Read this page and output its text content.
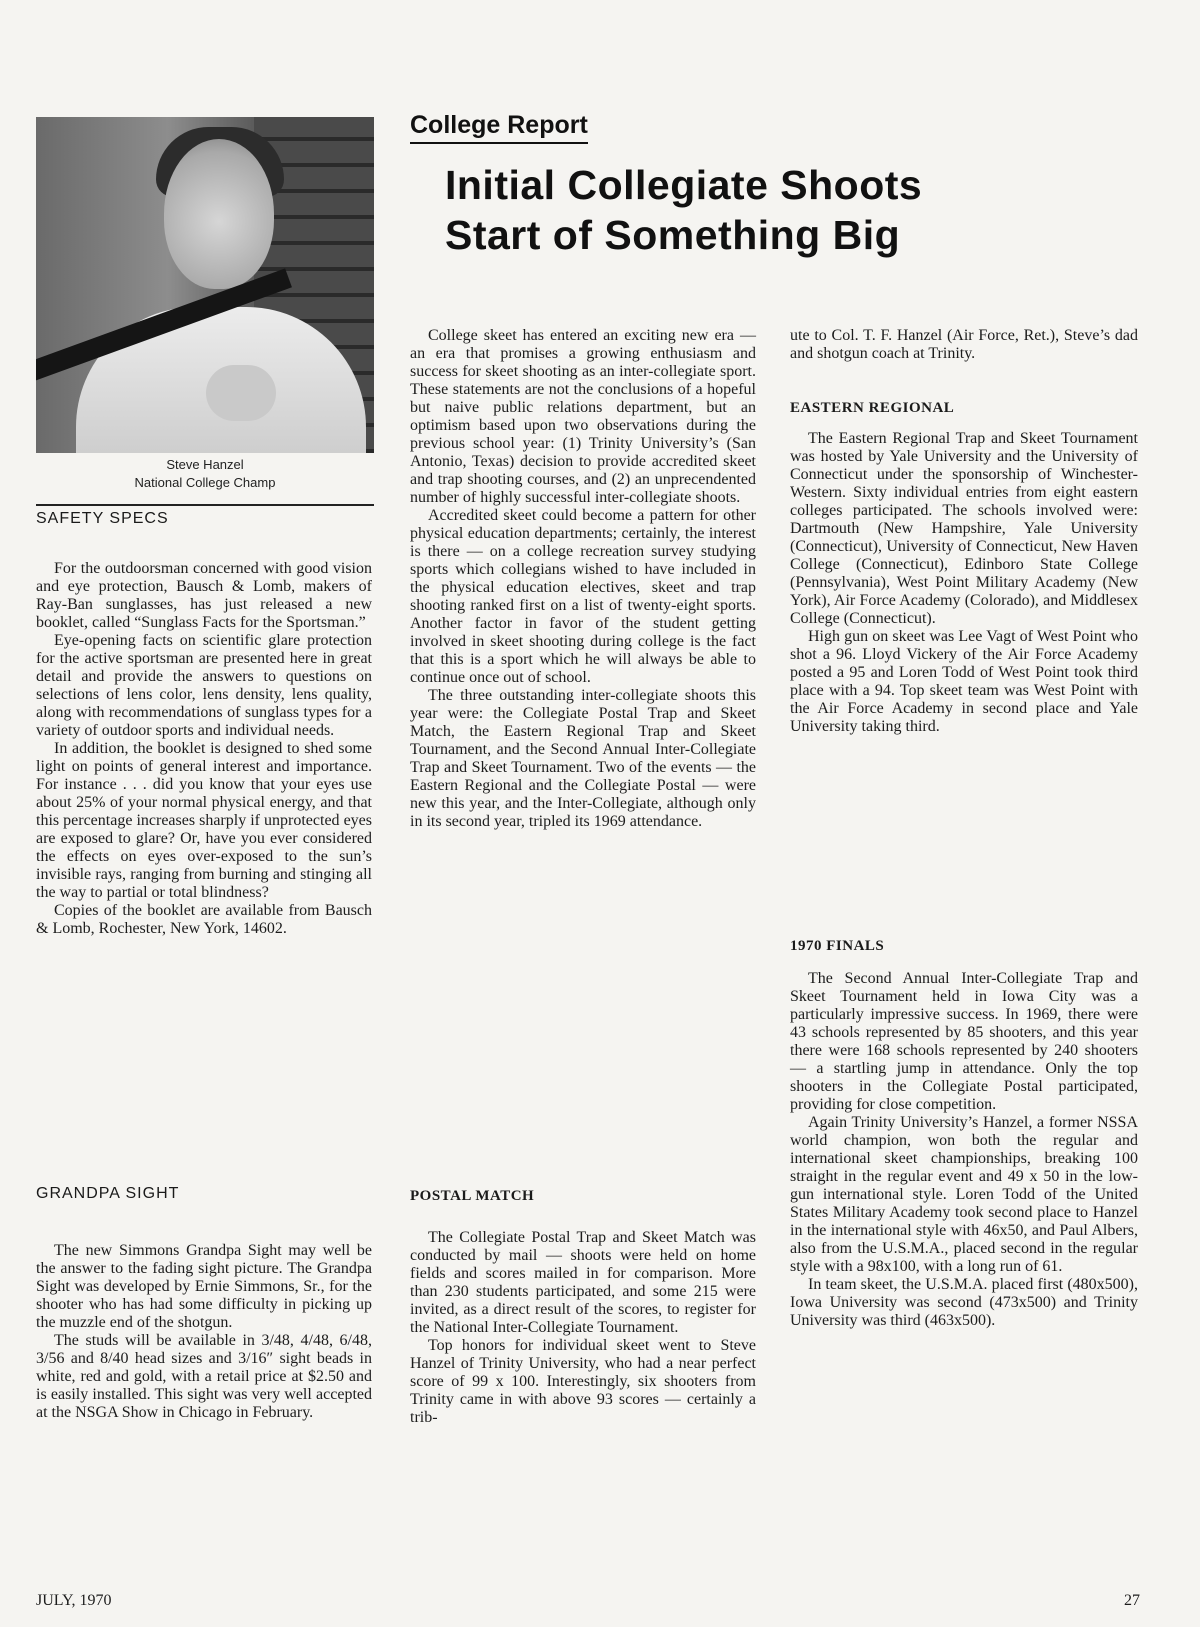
Steve Hanzel
National College Champ
College Report
Initial Collegiate Shoots
Start of Something Big
SAFETY SPECS

For the outdoorsman concerned with good vision and eye protection, Bausch & Lomb, makers of Ray-Ban sunglasses, has just released a new booklet, called “Sunglass Facts for the Sportsman.”

Eye-opening facts on scientific glare protection for the active sportsman are presented here in great detail and provide the answers to questions on selections of lens color, lens density, lens quality, along with recommendations of sunglass types for a variety of outdoor sports and individual needs.

In addition, the booklet is designed to shed some light on points of general interest and importance. For instance . . . did you know that your eyes use about 25% of your normal physical energy, and that this percentage increases sharply if unprotected eyes are exposed to glare? Or, have you ever considered the effects on eyes over-exposed to the sun’s invisible rays, ranging from burning and stinging all the way to partial or total blindness?

Copies of the booklet are available from Bausch & Lomb, Rochester, New York, 14602.

GRANDPA SIGHT

The new Simmons Grandpa Sight may well be the answer to the fading sight picture. The Grandpa Sight was developed by Ernie Simmons, Sr., for the shooter who has had some difficulty in picking up the muzzle end of the shotgun.

The studs will be available in 3/48, 4/48, 6/48, 3/56 and 8/40 head sizes and 3/16″ sight beads in white, red and gold, with a retail price at $2.50 and is easily installed. This sight was very well accepted at the NSGA Show in Chicago in February.

College skeet has entered an exciting new era — an era that promises a growing enthusiasm and success for skeet shooting as an inter-collegiate sport. These statements are not the conclusions of a hopeful but naive public relations department, but an optimism based upon two observations during the previous school year: (1) Trinity University’s (San Antonio, Texas) decision to provide accredited skeet and trap shooting courses, and (2) an unprecendented number of highly successful inter-collegiate shoots.

Accredited skeet could become a pattern for other physical education departments; certainly, the interest is there — on a college recreation survey studying sports which collegians wished to have included in the physical education electives, skeet and trap shooting ranked first on a list of twenty-eight sports. Another factor in favor of the student getting involved in skeet shooting during college is the fact that this is a sport which he will always be able to continue once out of school.

The three outstanding inter-collegiate shoots this year were: the Collegiate Postal Trap and Skeet Match, the Eastern Regional Trap and Skeet Tournament, and the Second Annual Inter-Collegiate Trap and Skeet Tournament. Two of the events — the Eastern Regional and the Collegiate Postal — were new this year, and the Inter-Collegiate, although only in its second year, tripled its 1969 attendance.

POSTAL MATCH

The Collegiate Postal Trap and Skeet Match was conducted by mail — shoots were held on home fields and scores mailed in for comparison. More than 230 students participated, and some 215 were invited, as a direct result of the scores, to register for the National Inter-Collegiate Tournament.

Top honors for individual skeet went to Steve Hanzel of Trinity University, who had a near perfect score of 99 x 100. Interestingly, six shooters from Trinity came in with above 93 scores — certainly a trib-

ute to Col. T. F. Hanzel (Air Force, Ret.), Steve’s dad and shotgun coach at Trinity.

EASTERN REGIONAL

The Eastern Regional Trap and Skeet Tournament was hosted by Yale University and the University of Connecticut under the sponsorship of Winchester-Western. Sixty individual entries from eight eastern colleges participated. The schools involved were: Dartmouth (New Hampshire, Yale University (Connecticut), University of Connecticut, New Haven College (Connecticut), Edinboro State College (Pennsylvania), West Point Military Academy (New York), Air Force Academy (Colorado), and Middlesex College (Connecticut).

High gun on skeet was Lee Vagt of West Point who shot a 96. Lloyd Vickery of the Air Force Academy posted a 95 and Loren Todd of West Point took third place with a 94. Top skeet team was West Point with the Air Force Academy in second place and Yale University taking third.

1970 FINALS

The Second Annual Inter-Collegiate Trap and Skeet Tournament held in Iowa City was a particularly impressive success. In 1969, there were 43 schools represented by 85 shooters, and this year there were 168 schools represented by 240 shooters — a startling jump in attendance. Only the top shooters in the Collegiate Postal participated, providing for close competition.

Again Trinity University’s Hanzel, a former NSSA world champion, won both the regular and international skeet championships, breaking 100 straight in the regular event and 49 x 50 in the low-gun international style. Loren Todd of the United States Military Academy took second place to Hanzel in the international style with 46x50, and Paul Albers, also from the U.S.M.A., placed second in the regular style with a 98x100, with a long run of 61.

In team skeet, the U.S.M.A. placed first (480x500), Iowa University was second (473x500) and Trinity University was third (463x500).

JULY, 1970	27
